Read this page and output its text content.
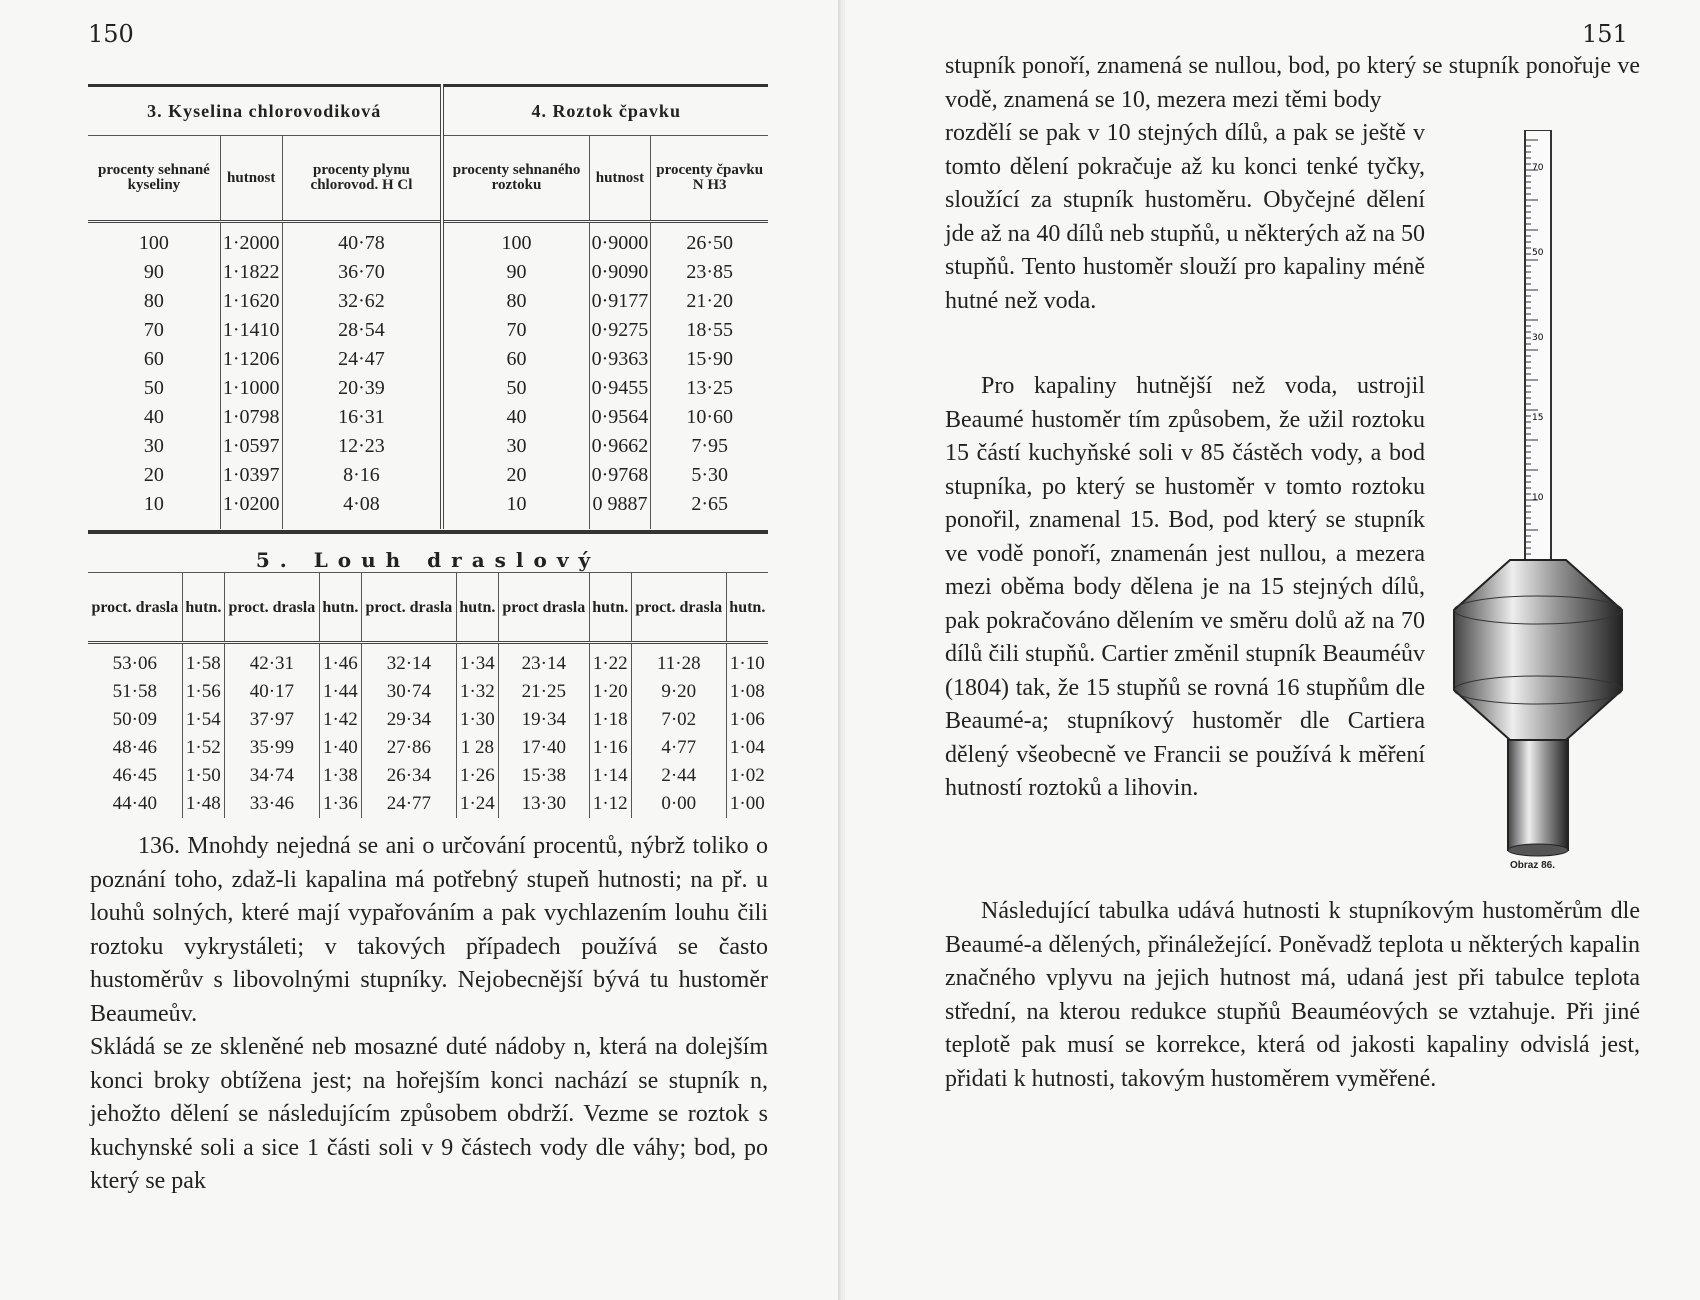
150	151
3. Kyselina chlorovodiková			4. Roztok čpavku		
procenty sehnané kyseliny	hutnost	procenty plynu chlorovod. H Cl	procenty sehnaného roztoku	hutnost	procenty čpavku N H3
100	1·2000	40·78	100	0·9000	26·50
90	1·1822	36·70	90	0·9090	23·85
80	1·1620	32·62	80	0·9177	21·20
70	1·1410	28·54	70	0·9275	18·55
60	1·1206	24·47	60	0·9363	15·90
50	1·1000	20·39	50	0·9455	13·25
40	1·0798	16·31	40	0·9564	10·60
30	1·0597	12·23	30	0·9662	7·95
20	1·0397	8·16	20	0·9768	5·30
10	1·0200	4·08	10	0 9887	2·65
5. Louh draslový
proct. drasla	hutn.	proct. drasla	hutn.	proct. drasla	hutn.	proct drasla	hutn.	proct. drasla	hutn.
53·06	1·58	42·31	1·46	32·14	1·34	23·14	1·22	11·28	1·10
51·58	1·56	40·17	1·44	30·74	1·32	21·25	1·20	9·20	1·08
50·09	1·54	37·97	1·42	29·34	1·30	19·34	1·18	7·02	1·06
48·46	1·52	35·99	1·40	27·86	1 28	17·40	1·16	4·77	1·04
46·45	1·50	34·74	1·38	26·34	1·26	15·38	1·14	2·44	1·02
44·40	1·48	33·46	1·36	24·77	1·24	13·30	1·12	0·00	1·00
136. Mnohdy nejedná se ani o určování procentů, nýbrž toliko o poznání toho, zdaž-li kapalina má potřebný stupeň hutnosti; na př. u louhů solných, které mají vypařováním a pak vychlazením louhu čili roztoku vykrystáleti; v takových případech používá se často hustoměrův s libovolnými stupníky. Nejobecnější bývá tu hustoměr Beaumeův.
Skládá se ze skleněné neb mosazné duté nádoby n, která na dolejším konci broky obtížena jest; na hořejším konci nachází se stupník n, jehožto dělení se následujícím způsobem obdrží. Vezme se roztok s kuchynské soli a sice 1 části soli v 9 částech vody dle váhy; bod, po který se pak
stupník ponoří, znamená se nullou, bod, po který se stupník ponořuje ve vodě, znamená se 10, mezera mezi těmi body
rozdělí se pak v 10 stejných dílů, a pak se ještě v tomto dělení pokračuje až ku konci tenké tyčky, sloužící za stupník hustoměru. Obyčejné dělení jde až na 40 dílů neb stupňů, u některých až na 50 stupňů. Tento hustoměr slouží pro kapaliny méně hutné než voda.
Pro kapaliny hutnější než voda, ustrojil Beaumé hustoměr tím způsobem, že užil roztoku 15 částí kuchyňské soli v 85 částěch vody, a bod stupníka, po který se hustoměr v tomto roztoku ponořil, znamenal 15. Bod, pod který se stupník ve vodě ponoří, znamenán jest nullou, a mezera mezi oběma body dělena je na 15 stejných dílů, pak pokračováno dělením ve směru dolů až na 70 dílů čili stupňů. Cartier změnil stupník Beauméův (1804) tak, že 15 stupňů se rovná 16 stupňům dle Beaumé-a; stupníkový hustoměr dle Cartiera dělený všeobecně ve Francii se používá k měření hutností roztoků a lihovin.
Následující tabulka udává hutnosti k stupníkovým hustoměrům dle Beaumé-a dělených, přináležející. Poněvadž teplota u některých kapalin značného vplyvu na jejich hutnost má, udaná jest při tabulce teplota střední, na kterou redukce stupňů Beauméových se vztahuje. Při jiné teplotě pak musí se korrekce, která od jakosti kapaliny odvislá jest, přidati k hutnosti, takovým hustoměrem vyměřené.
70
50
30
15
10
Obraz 86.
